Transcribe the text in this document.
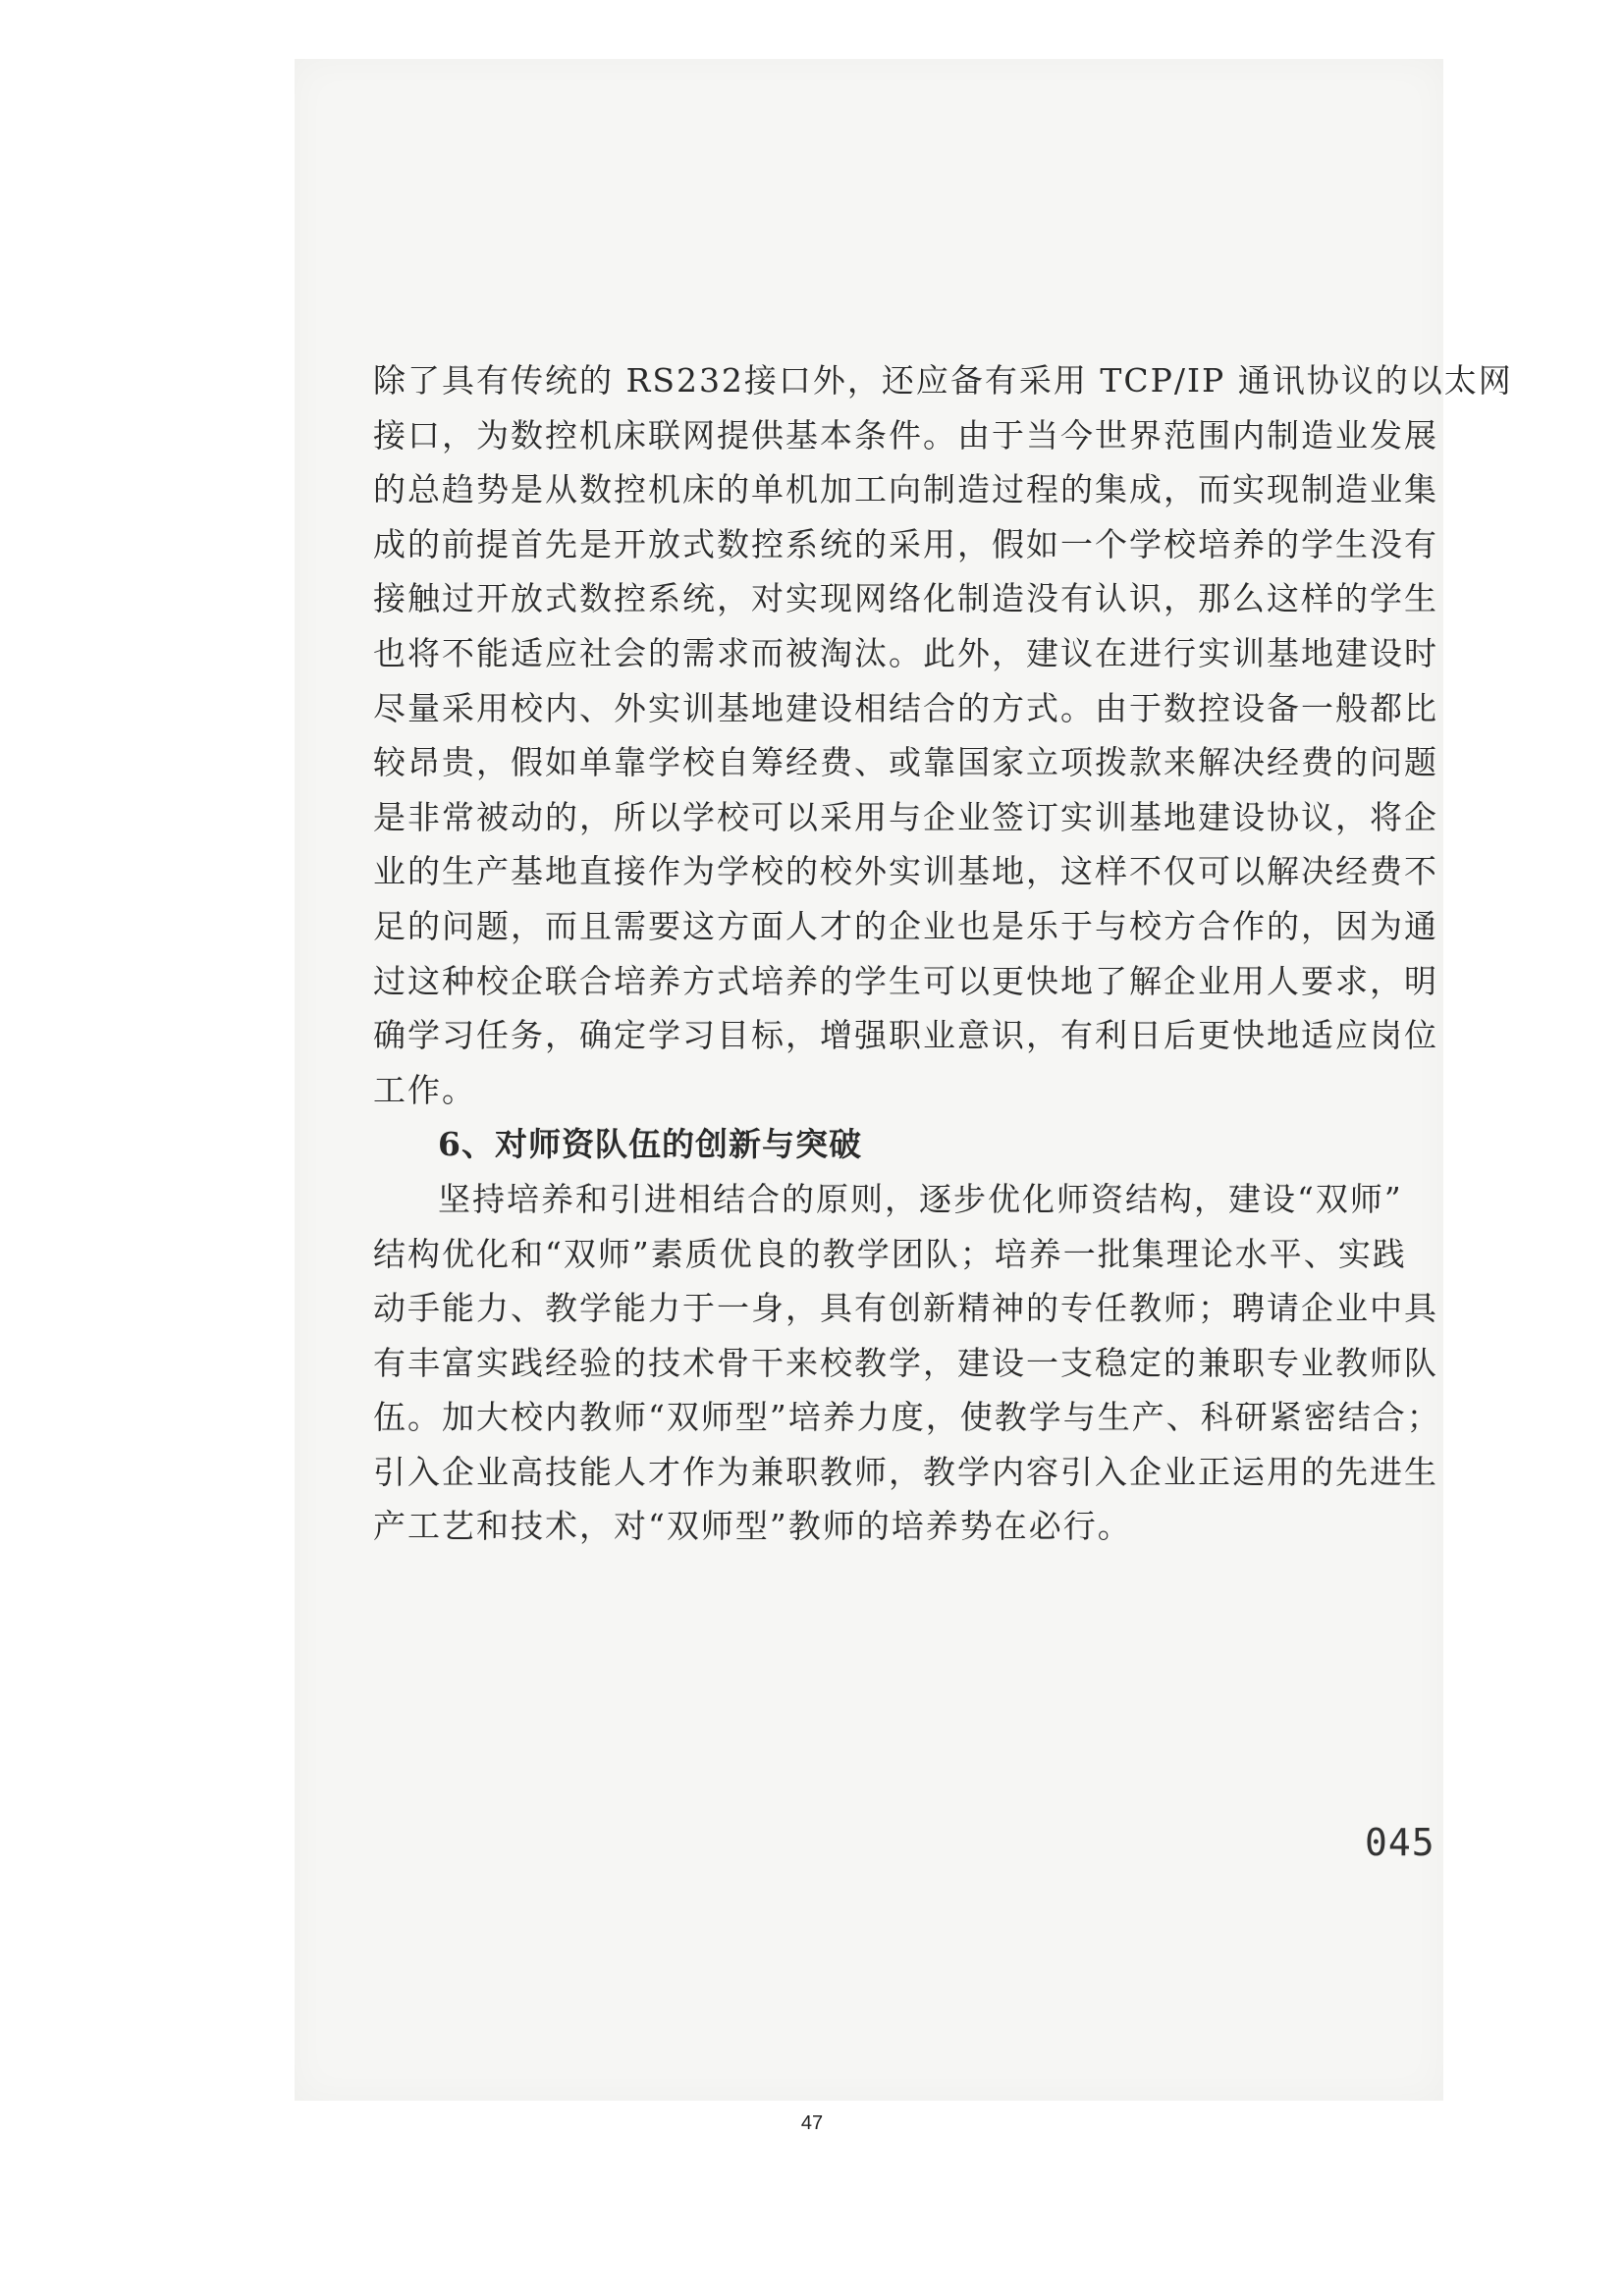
除了具有传统的 RS232接口外，还应备有采用 TCP/IP 通讯协议的以太网
接口，为数控机床联网提供基本条件。由于当今世界范围内制造业发展
的总趋势是从数控机床的单机加工向制造过程的集成，而实现制造业集
成的前提首先是开放式数控系统的采用，假如一个学校培养的学生没有
接触过开放式数控系统，对实现网络化制造没有认识，那么这样的学生
也将不能适应社会的需求而被淘汰。此外，建议在进行实训基地建设时
尽量采用校内、外实训基地建设相结合的方式。由于数控设备一般都比
较昂贵，假如单靠学校自筹经费、或靠国家立项拨款来解决经费的问题
是非常被动的，所以学校可以采用与企业签订实训基地建设协议，将企
业的生产基地直接作为学校的校外实训基地，这样不仅可以解决经费不
足的问题，而且需要这方面人才的企业也是乐于与校方合作的，因为通
过这种校企联合培养方式培养的学生可以更快地了解企业用人要求，明
确学习任务，确定学习目标，增强职业意识，有利日后更快地适应岗位
工作。
6、对师资队伍的创新与突破
坚持培养和引进相结合的原则，逐步优化师资结构，建设“双师”
结构优化和“双师”素质优良的教学团队；培养一批集理论水平、实践
动手能力、教学能力于一身，具有创新精神的专任教师；聘请企业中具
有丰富实践经验的技术骨干来校教学，建设一支稳定的兼职专业教师队
伍。加大校内教师“双师型”培养力度，使教学与生产、科研紧密结合；
引入企业高技能人才作为兼职教师，教学内容引入企业正运用的先进生
产工艺和技术，对“双师型”教师的培养势在必行。
045
47
